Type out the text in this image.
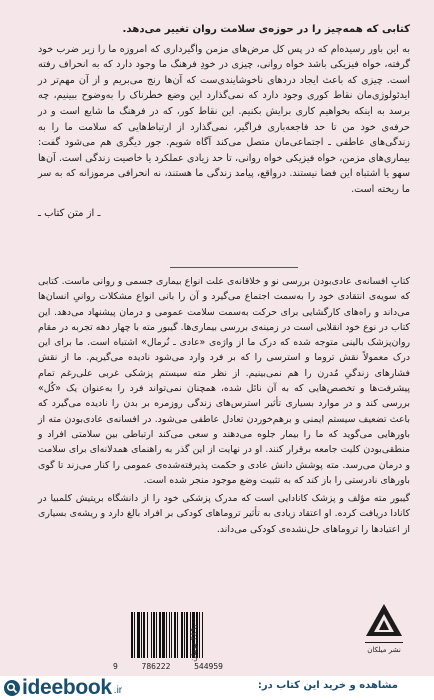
کتابی که همه‌چیز را در حوزه‌ی سلامت روان تغییر می‌دهد.

به این باور رسیده‌ام که در پس کل مرض‌های مزمن واگیرداری که امروزه ما را زیر ضرب خود گرفته، خواه فیزیکی باشد خواه روانی، چیزی در خودِ فرهنگ ما وجود دارد که به انحراف رفته است. چیزی که باعث ایجاد دردهای ناخوشایندی‌ست که آن‌ها رنج می‌بریم و از آن مهم‌تر در ایدئولوژی‌مان نقاط کوری وجود دارد که نمی‌گذارد این وضع خطرناک را به‌وضوح ببینیم، چه برسد به اینکه بخواهیم کاری برایش بکنیم. این نقاط کور، که در فرهنگ ما شایع است و در حرفه‌ی خود من تا حد فاجعه‌باری فراگیر، نمی‌گذارد از ارتباط‌هایی که سلامت ما را به زندگی‌های عاطفی ـ اجتماعی‌مان متصل می‌کند آگاه شویم. جور دیگری هم می‌شود گفت: بیماری‌های مزمن، خواه فیزیکی خواه روانی، تا حد زیادی عملکرد یا خاصیت زندگی است. آن‌ها سهو یا اشتباه این فضا نیستند. درواقع، پیامد زندگی ما هستند، نه انحرافی مرموزانه که به سر ما ریخته است.

ـ از متن کتاب ـ

کتابِ افسانه‌ی عادی‌بودن بررسی نو و خلاقانه‌ی علت انواع بیماری جسمی و روانی ماست. کتابی که سویه‌ی انتقادی خود را به‌سمت اجتماع می‌گیرد و آن را بانی انواع مشکلات روانیِ انسان‌ها می‌داند و راه‌های کارگشایی برای حرکت به‌سمت سلامت عمومی و درمان پیشنهاد می‌دهد. این کتاب در نوع خود انقلابی است در زمینه‌ی بررسی بیماری‌ها. گیبور مته با چهار دهه تجربه در مقام روان‌پزشک بالینی متوجه شده که درک ما از واژه‌ی «عادی ـ نُرمال» اشتباه است. ما برای این درک معمولاً نقش تروما و استرسی را که بر فرد وارد می‌شود نادیده می‌گیریم. ما از نقش فشارهای زندگیِ مُدرن را هم نمی‌بینیم. از نظر مته سیستم پزشکی غربی علی‌رغم تمام پیشرفت‌ها و تخصص‌هایی که به آن نائل شده، همچنان نمی‌تواند فرد را به‌عنوان یک «کُل» بررسی کند و در موارد بسیاری تأثیر استرس‌های زندگی روزمره بر بدن را نادیده می‌گیرد که باعث تضعیف سیستم ایمنی و برهم‌خوردن تعادل عاطفی می‌شود. در افسانه‌ی عادی‌بودن مته از باورهایی می‌گوید که ما را بیمار جلوه می‌دهند و سعی می‌کند ارتباطی بین سلامتی افراد و منطقی‌بودن کلیت جامعه برقرار کنند. او در نهایت از این گذر به راهنمای همدلانه‌ای برای سلامت و درمان می‌رسد. مته پوشش دانش عادی و حکمت پذیرفته‌شده‌ی عمومی را کنار می‌زند تا گوی باورهای نادرستی را باز کند که به تثبیت وضع موجود منجر شده است.

گیبور مته مؤلف و پزشک کانادایی است که مدرک پزشکی خود را از دانشگاه بریتیش کلمبیا در کانادا دریافت کرده. او اعتقاد زیادی به تأثیر تروماهای کودکی بر افراد بالغ دارد و ریشه‌ی بسیاری از اعتیادها را تروماهای حل‌نشده‌ی کودکی می‌داند.

۴۸۹٫۰۰۰ تومان
9	786222	544959
نشر میلکان
ideebook .ir	مشاهده و خرید این کتاب در:
